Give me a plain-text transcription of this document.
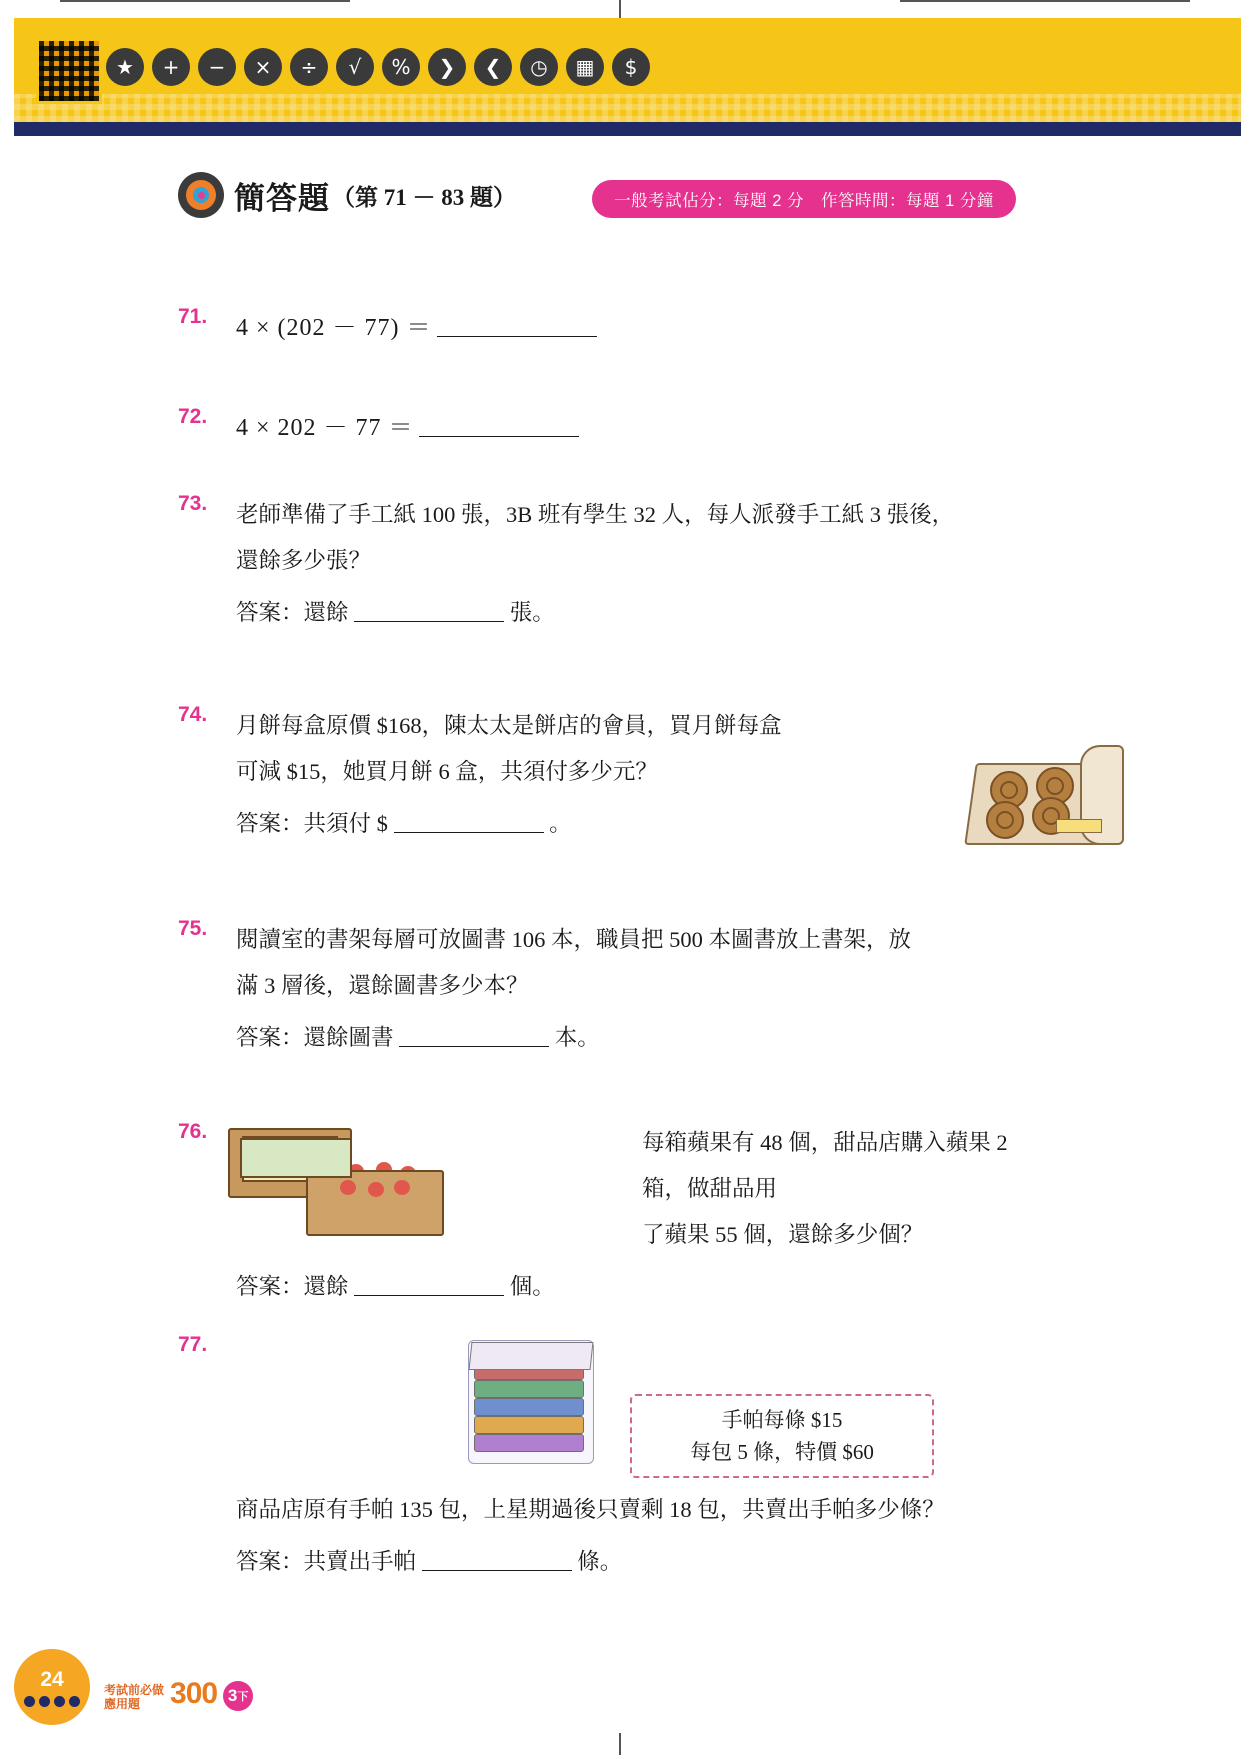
★	+	−	×	÷	√	%	❯	❮	◷	▦	$
簡答題 （第 71 － 83 題）	一般考試佔分：每題 2 分　作答時間：每題 1 分鐘
71.	4 × (202 － 77) ＝
72.	4 × 202 － 77 ＝
73.	老師準備了手工紙 100 張，3B 班有學生 32 人，每人派發手工紙 3 張後，
還餘多少張？
答案：還餘	張。
74.	月餅每盒原價 $168，陳太太是餅店的會員，買月餅每盒
可減 $15，她買月餅 6 盒，共須付多少元？
答案：共須付 $	。
75.	閱讀室的書架每層可放圖書 106 本，職員把 500 本圖書放上書架，放
滿 3 層後，還餘圖書多少本？
答案：還餘圖書	本。
76.	每箱蘋果有 48 個，甜品店購入蘋果 2 箱，做甜品用
了蘋果 55 個，還餘多少個？
答案：還餘	個。
77.
手帕每條 $15
每包 5 條，特價 $60
商品店原有手帕 135 包，上星期過後只賣剩 18 包，共賣出手帕多少條？
答案：共賣出手帕	條。
24	考試前必做
應用題	300 3 下
